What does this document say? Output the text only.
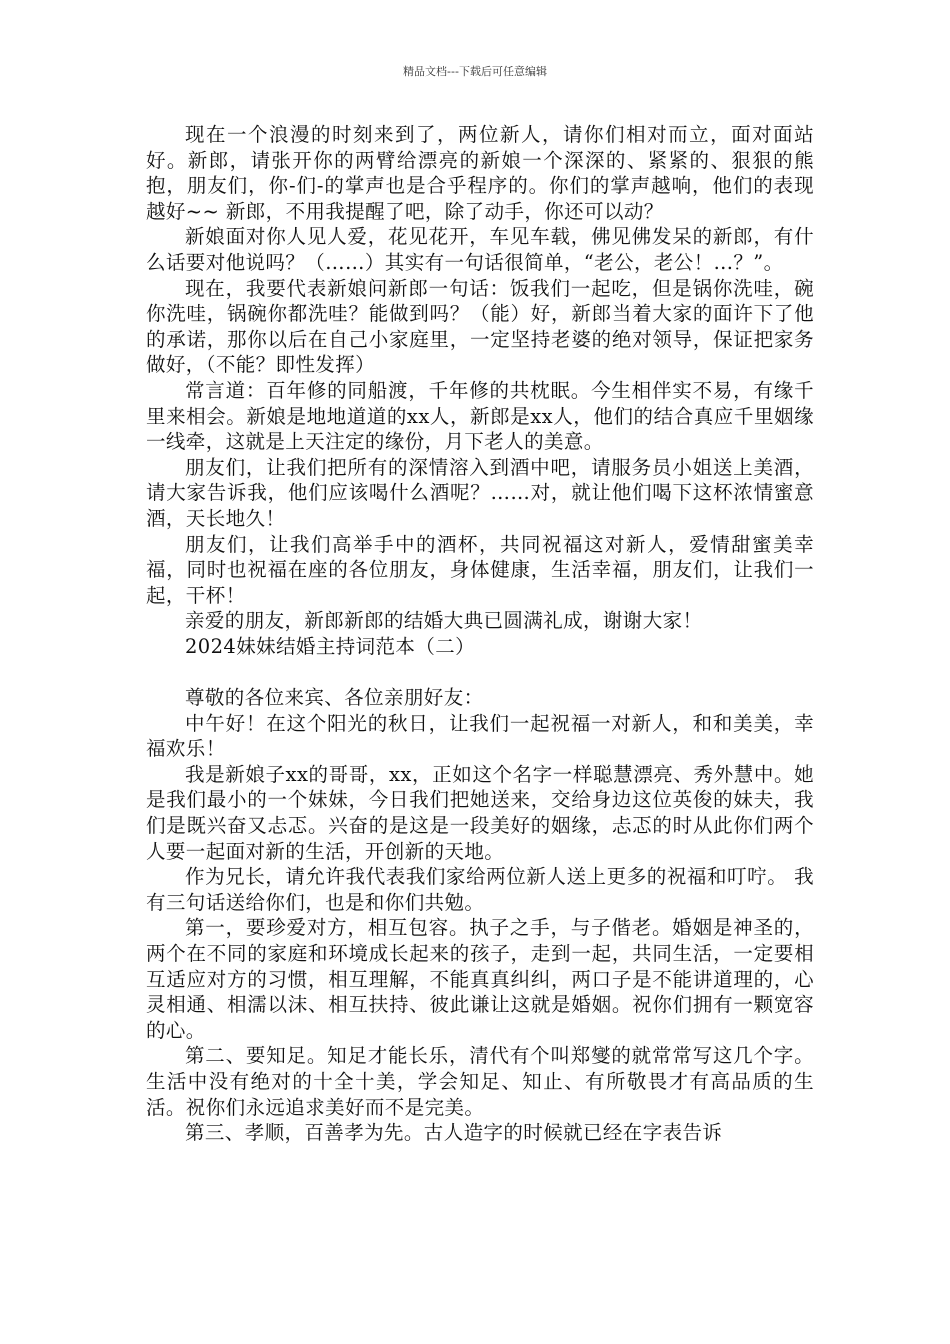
精品文档---下载后可任意编辑

现在一个浪漫的时刻来到了，两位新人，请你们相对而立，面对面站好。新郎，请张开你的两臂给漂亮的新娘一个深深的、紧紧的、狠狠的熊抱，朋友们，你-们-的掌声也是合乎程序的。你们的掌声越响，他们的表现越好~~ 新郎，不用我提醒了吧，除了动手，你还可以动？

新娘面对你人见人爱，花见花开，车见车载，佛见佛发呆的新郎，有什么话要对他说吗？（……）其实有一句话很简单，“老公，老公！...？”。

现在，我要代表新娘问新郎一句话：饭我们一起吃，但是锅你洗哇，碗你洗哇，锅碗你都洗哇？能做到吗？（能）好，新郎当着大家的面许下了他的承诺，那你以后在自己小家庭里，一定坚持老婆的绝对领导，保证把家务做好，（不能？即性发挥）

常言道：百年修的同船渡，千年修的共枕眠。今生相伴实不易，有缘千里来相会。新娘是地地道道的xx人，新郎是xx人，他们的结合真应千里姻缘一线牵，这就是上天注定的缘份，月下老人的美意。

朋友们，让我们把所有的深情溶入到酒中吧，请服务员小姐送上美酒，请大家告诉我，他们应该喝什么酒呢？……对，就让他们喝下这杯浓情蜜意酒，天长地久！

朋友们，让我们高举手中的酒杯，共同祝福这对新人，爱情甜蜜美幸福，同时也祝福在座的各位朋友，身体健康，生活幸福，朋友们，让我们一起，干杯！

亲爱的朋友，新郎新郎的结婚大典已圆满礼成，谢谢大家！

2024妹妹结婚主持词范本（二）

尊敬的各位来宾、各位亲朋好友：

中午好！在这个阳光的秋日，让我们一起祝福一对新人，和和美美，幸福欢乐！

我是新娘子xx的哥哥，xx，正如这个名字一样聪慧漂亮、秀外慧中。她是我们最小的一个妹妹，今日我们把她送来，交给身边这位英俊的妹夫，我们是既兴奋又忐忑。兴奋的是这是一段美好的姻缘，忐忑的时从此你们两个人要一起面对新的生活，开创新的天地。

作为兄长，请允许我代表我们家给两位新人送上更多的祝福和叮咛。 我有三句话送给你们，也是和你们共勉。

第一，要珍爱对方，相互包容。执子之手，与子偕老。婚姻是神圣的，两个在不同的家庭和环境成长起来的孩子，走到一起，共同生活，一定要相互适应对方的习惯，相互理解，不能真真纠纠，两口子是不能讲道理的，心灵相通、相濡以沫、相互扶持、彼此谦让这就是婚姻。祝你们拥有一颗宽容的心。

第二、要知足。知足才能长乐，清代有个叫郑燮的就常常写这几个字。生活中没有绝对的十全十美，学会知足、知止、有所敬畏才有高品质的生活。祝你们永远追求美好而不是完美。

第三、孝顺，百善孝为先。古人造字的时候就已经在字表告诉
